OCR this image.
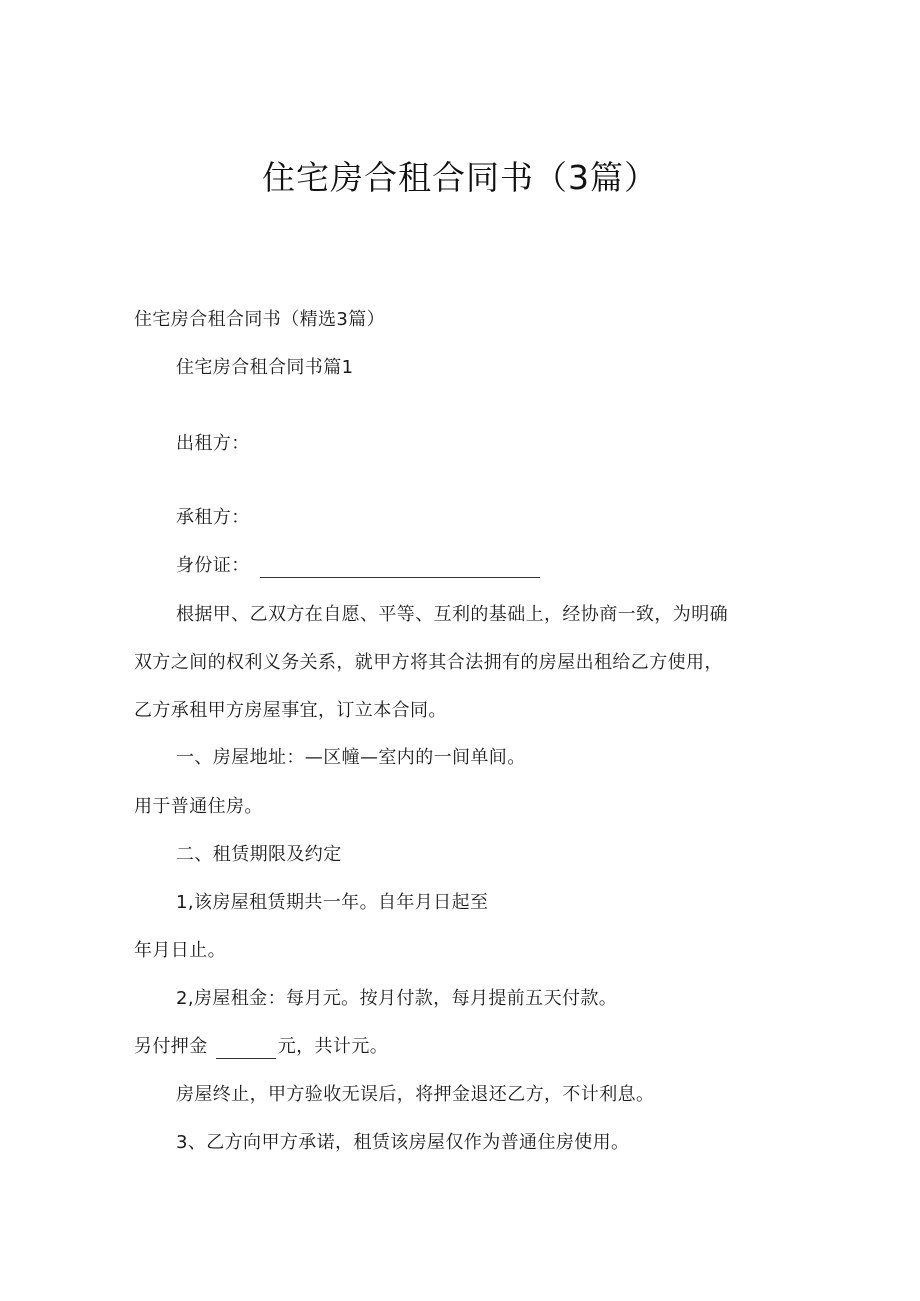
住宅房合租合同书（3篇）
住宅房合租合同书（精选3篇）
住宅房合租合同书篇1
出租方：
承租方：
身份证：
根据甲、乙双方在自愿、平等、互利的基础上，经协商一致，为明确
双方之间的权利义务关系，就甲方将其合法拥有的房屋出租给乙方使用，
乙方承租甲方房屋事宜，订立本合同。
一、房屋地址：—区幢—室内的一间单间。
用于普通住房。
二、租赁期限及约定
1,该房屋租赁期共一年。自年月日起至
年月日止。
2,房屋租金：每月元。按月付款，每月提前五天付款。
另付押金	元，共计元。
房屋终止，甲方验收无误后，将押金退还乙方，不计利息。
3、乙方向甲方承诺，租赁该房屋仅作为普通住房使用。
